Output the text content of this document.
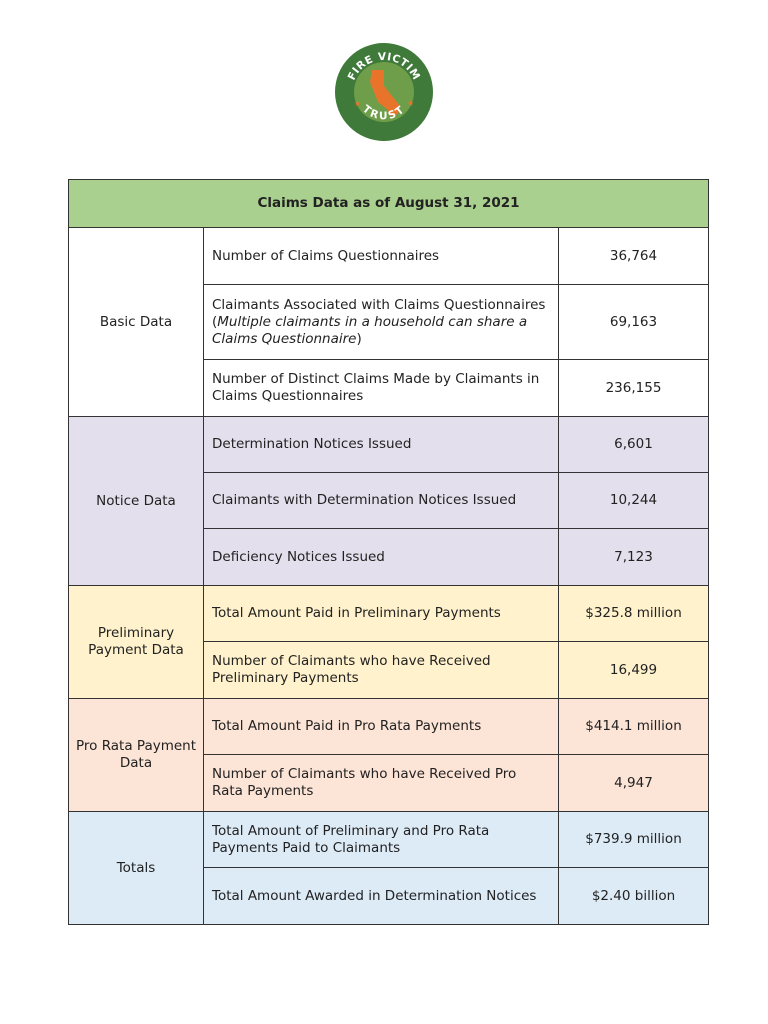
FIRE VICTIM
TRUST
★	★
Claims Data as of August 31, 2021		
Basic Data	Number of Claims Questionnaires	36,764
	Claimants Associated with Claims Questionnaires (Multiple claimants in a household can share a Claims Questionnaire)	69,163
	Number of Distinct Claims Made by Claimants in Claims Questionnaires	236,155
Notice Data	Determination Notices Issued	6,601
	Claimants with Determination Notices Issued	10,244
	Deficiency Notices Issued	7,123
Preliminary Payment Data	Total Amount Paid in Preliminary Payments	$325.8 million
	Number of Claimants who have Received Preliminary Payments	16,499
Pro Rata Payment Data	Total Amount Paid in Pro Rata Payments	$414.1 million
	Number of Claimants who have Received Pro Rata Payments	4,947
Totals	Total Amount of Preliminary and Pro Rata Payments Paid to Claimants	$739.9 million
	Total Amount Awarded in Determination Notices	$2.40 billion
